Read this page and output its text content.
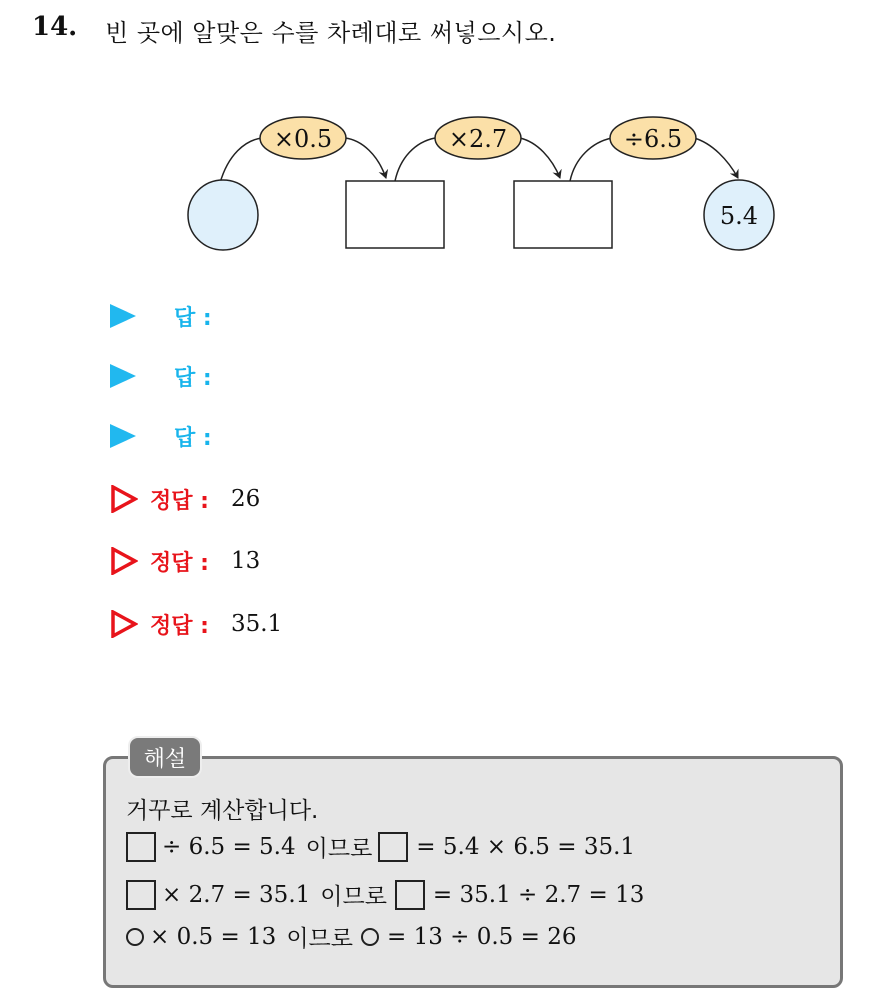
14. 빈 곳에 알맞은 수를 차례대로 써넣으시오.
×0.5	×2.7	÷6.5
5.4
답 :
답 :
답 :
정답 : 26
정답 : 13
정답 : 35.1
해설
거꾸로 계산합니다.
÷ 6.5 = 5.4 이므로 = 5.4 × 6.5 = 35.1
× 2.7 = 35.1 이므로 = 35.1 ÷ 2.7 = 13
× 0.5 = 13 이므로 = 13 ÷ 0.5 = 26
